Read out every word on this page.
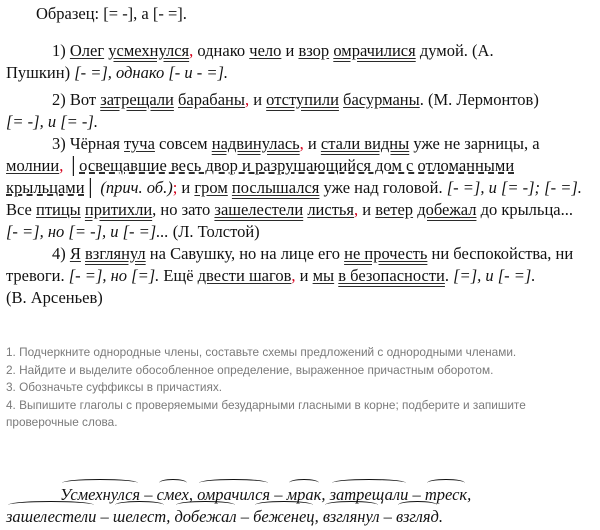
Образец: [= -], а [- =].
1) Олег усмехнулся, однако чело и взор омрачилися думой. (А.
Пушкин) [- =], однако [- и - =].
2) Вот затрещали барабаны, и отступили басурманы. (М. Лермонтов)
[= -], и [= -].
3) Чёрная туча совсем надвинулась, и стали видны уже не зарницы, а
молнии, │освещавшие весь двор и разрушающийся дом с отломанными крыльцами│ (прич. об.); и гром послышался уже над головой. [- =], и [= -]; [- =]. Все птицы притихли, но зато зашелестели листья, и ветер добежал до крыльца... [- =], но [= -], и [- =]... (Л. Толстой)
4) Я взглянул на Савушку, но на лице его не прочесть ни беспокойства, ни тревоги. [- =], но [=]. Ещё двести шагов, и мы в безопасности. [=], и [- =].
(В. Арсеньев)
1. Подчеркните однородные члены, составьте схемы предложений с однородными членами.
2. Найдите и выделите обособленное определение, выраженное причастным оборотом.
3. Обозначьте суффиксы в причастиях.
4. Выпишите глаголы с проверяемыми безударными гласными в корне; подберите и запишите проверочные слова.
Усмехнулся – смех, омрачился – мрак, затрещали – треск,
зашелестели – шелест, добежал – беженец, взглянул – взгляд.
